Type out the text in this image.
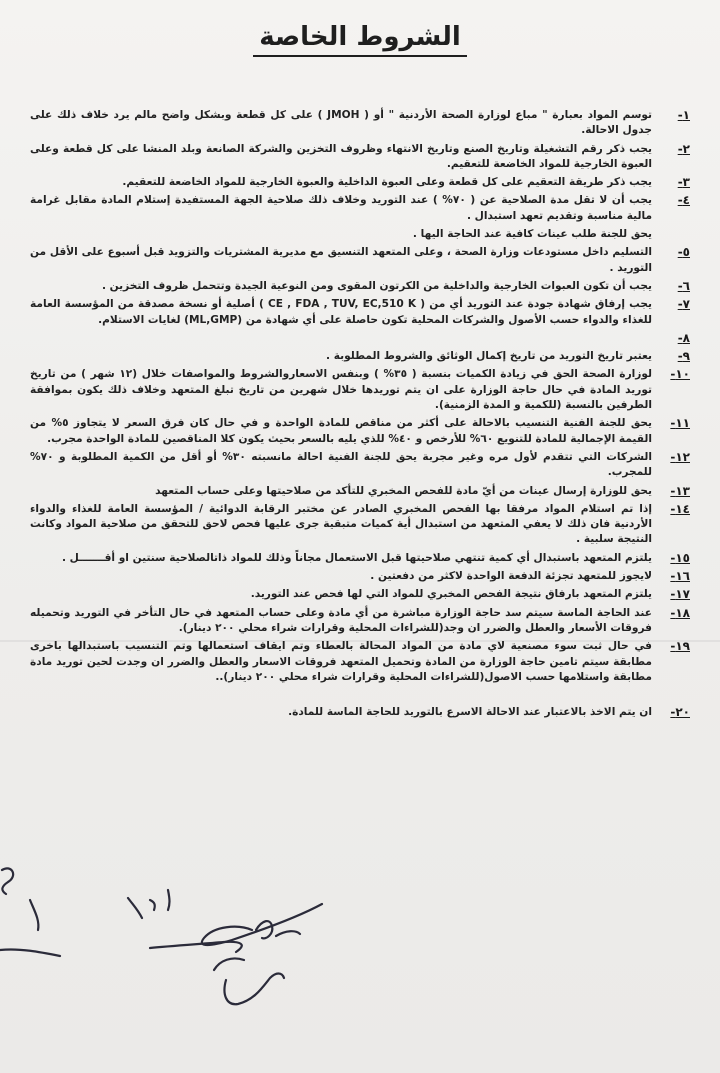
الشروط الخاصة
١-
توسم المواد بعبارة " مباع لوزارة الصحة الأردنية " أو ( JMOH ) على كل قطعة وبشكل واضح مالم يرد خلاف ذلك على جدول الاحالة.
٢-
يجب ذكر رقم التشغيلة وتاريخ الصنع وتاريخ الانتهاء وظروف التخزين والشركة الصانعة وبلد المنشا على كل قطعة وعلى العبوة الخارجية للمواد الخاضعة للتعقيم.
٣-
يجب ذكر طريقة التعقيم على كل قطعة وعلى العبوة الداخلية والعبوة الخارجية للمواد الخاضعة للتعقيم.
٤-
يجب أن لا تقل مدة الصلاحية عن ( ٧٠% ) عند التوريد وخلاف ذلك صلاحية الجهة المستفيدة إستلام المادة مقابل غرامة مالية مناسبة وتقديم تعهد استبدال .
يحق للجنة طلب عينات كافية عند الحاجة اليها .
٥-
التسليم داخل مستودعات وزارة الصحة ، وعلى المتعهد التنسيق مع مديرية المشتريات والتزويد قبل أسبوع على الأقل من التوريد .
٦-
يجب أن تكون العبوات الخارجية والداخلية من الكرتون المقوى ومن النوعية الجيدة وتتحمل ظروف التخزين .
٧-
يجب إرفاق شهادة جودة عند التوريد أي من ( CE , FDA , TUV, EC,510 K ) أصلية أو نسخة مصدقة من المؤسسة العامة للغذاء والدواء حسب الأصول والشركات المحلية تكون حاصلة على أي شهادة من (ML,GMP) لغايات الاستلام.
٨-
٩-
يعتبر تاريخ التوريد من تاريخ إكمال الوثائق والشروط المطلوبة .
١٠-
لوزارة الصحة الحق في زيادة الكميات بنسبة ( ٣٥% ) وبنفس الاسعاروالشروط والمواصفات خلال (١٢ شهر ) من تاريخ توريد المادة في حال حاجة الوزارة على ان يتم توريدها خلال شهرين من تاريخ تبلغ المتعهد وخلاف ذلك يكون بموافقة الطرفين بالنسبة (للكمية و المدة الزمنية).
١١-
يحق للجنة الفنية التنسيب بالاحالة على أكثر من مناقص للمادة الواحدة و في حال كان فرق السعر لا يتجاوز ٥% من القيمة الإجمالية للمادة للتنويع ٦٠% للأرخص و ٤٠% للذي يليه بالسعر بحيث يكون كلا المناقصين للمادة الواحدة مجرب.
١٢-
الشركات التي تتقدم لأول مره وغير مجربة يحق للجنة الفنية احالة مانسبته ٣٠% أو أقل من الكمية المطلوبة و ٧٠% للمجرب.
١٣-
يحق للوزارة إرسال عينات من أيّ مادة للفحص المخبري للتأكد من صلاحيتها وعلى حساب المتعهد
١٤-
إذا تم استلام المواد مرفقا بها الفحص المخبري الصادر عن مختبر الرقابة الدوائية / المؤسسة العامة للغذاء والدواء الأردنية فان ذلك لا يعفي المتعهد من استبدال أية كميات متبقية جرى عليها فحص لاحق للتحقق من صلاحية المواد وكانت النتيجة سلبية .
١٥-
يلتزم المتعهد باستبدال أي كمية تنتهي صلاحيتها قبل الاستعمال مجاناً وذلك للمواد ذاتالصلاحية سنتين او أقـــــــل .
١٦-
لايجوز للمتعهد تجزئة الدفعة الواحدة لاكثر من دفعتين .
١٧-
يلتزم المتعهد بارفاق نتيجة الفحص المخبري للمواد التي لها فحص عند التوريد.
١٨-
عند الحاجة الماسة سيتم سد حاجة الوزارة مباشرة من أي مادة وعلى حساب المتعهد في حال التأخر في التوريد وتحميله فروقات الأسعار والعطل والضرر ان وجد(للشراءات المحلية وقرارات شراء محلي ٢٠٠ دينار).
١٩-
في حال ثبت سوء مصنعية لاي مادة من المواد المحالة بالعطاء وتم ايقاف استعمالها وتم التنسيب باستبدالها باخرى مطابقة سيتم تامين حاجة الوزارة من المادة وتحميل المتعهد فروقات الاسعار والعطل والضرر ان وجدت لحين توريد مادة مطابقة واستلامها حسب الاصول(للشراءات المحلية وقرارات شراء محلي ٢٠٠ دينار)..
٢٠-
ان يتم الاخذ بالاعتبار عند الاحالة الاسرع بالتوريد للحاجة الماسة للمادة.
